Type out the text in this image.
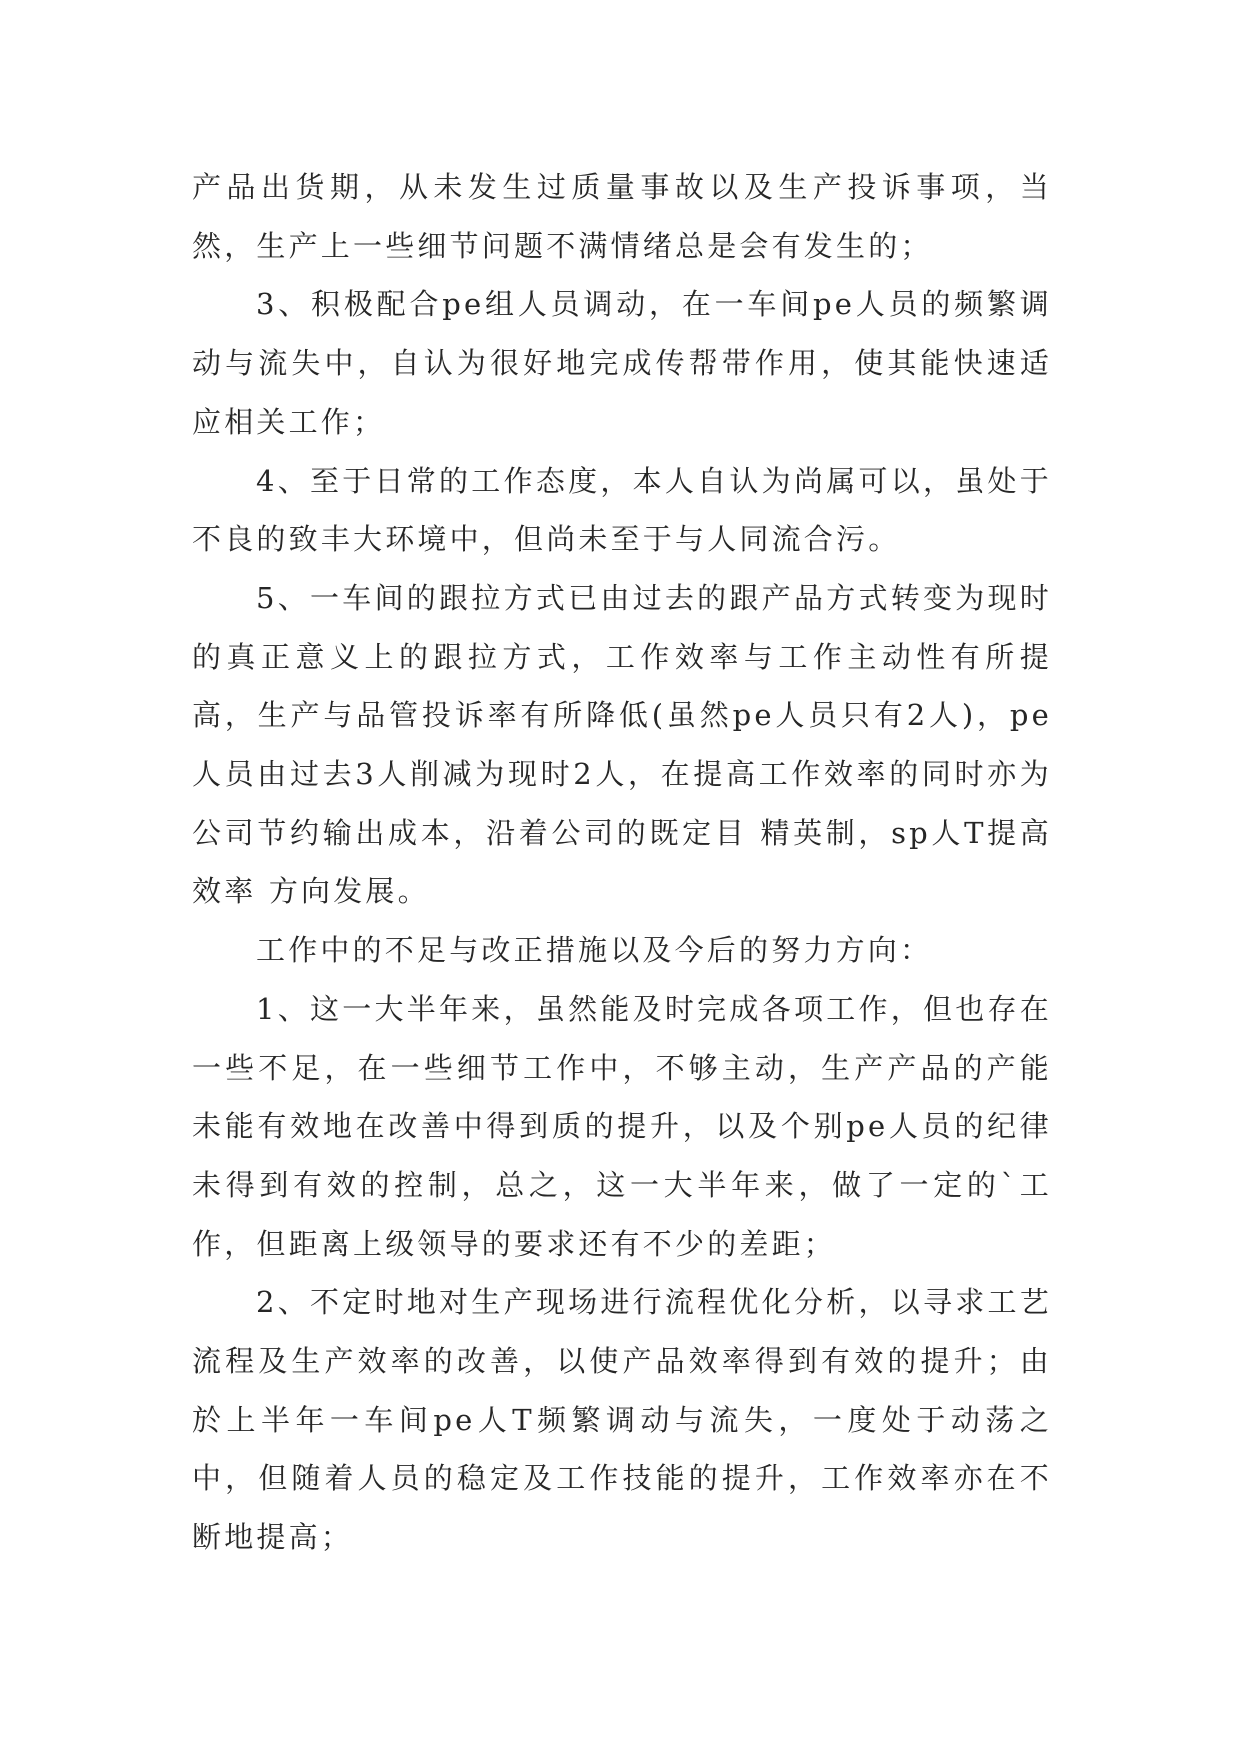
产品出货期，从未发生过质量事故以及生产投诉事项，当然，生产上一些细节问题不满情绪总是会有发生的；

3、积极配合pe组人员调动，在一车间pe人员的频繁调动与流失中，自认为很好地完成传帮带作用，使其能快速适应相关工作；

4、至于日常的工作态度，本人自认为尚属可以，虽处于不良的致丰大环境中，但尚未至于与人同流合污。

5、一车间的跟拉方式已由过去的跟产品方式转变为现时的真正意义上的跟拉方式，工作效率与工作主动性有所提高，生产与品管投诉率有所降低(虽然pe人员只有2人)，pe人员由过去3人削减为现时2人，在提高工作效率的同时亦为公司节约输出成本，沿着公司的既定目 精英制，sp人T提高效率 方向发展。

工作中的不足与改正措施以及今后的努力方向：

1、这一大半年来，虽然能及时完成各项工作，但也存在一些不足，在一些细节工作中，不够主动，生产产品的产能未能有效地在改善中得到质的提升，以及个别pe人员的纪律未得到有效的控制，总之，这一大半年来，做了一定的`工作，但距离上级领导的要求还有不少的差距；

2、不定时地对生产现场进行流程优化分析，以寻求工艺流程及生产效率的改善，以使产品效率得到有效的提升；由於上半年一车间pe人T频繁调动与流失，一度处于动荡之中，但随着人员的稳定及工作技能的提升，工作效率亦在不断地提高；
